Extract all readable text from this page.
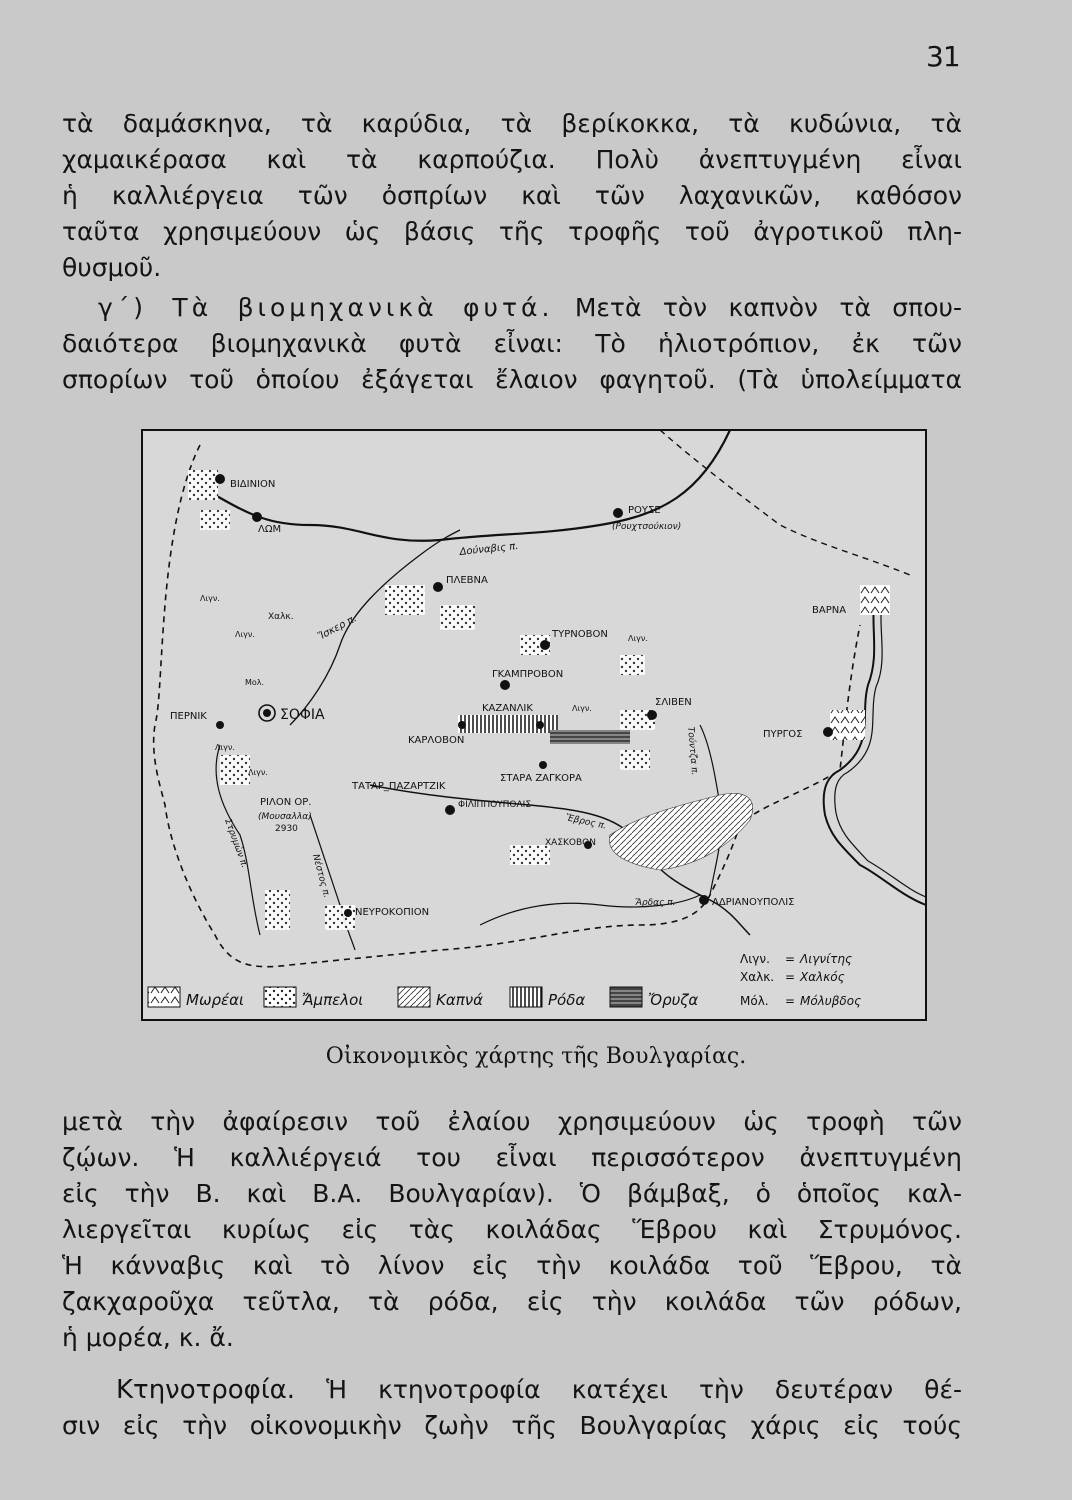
31
τὰ δαμάσκηνα, τὰ καρύδια, τὰ βερίκοκκα, τὰ κυδώνια, τὰ
χαμαικέρασα καὶ τὰ καρπούζια. Πολὺ ἀνεπτυγμένη εἶναι
ἡ καλλιέργεια τῶν ὀσπρίων καὶ τῶν λαχανικῶν, καθόσον
ταῦτα χρησιμεύουν ὡς βάσις τῆς τροφῆς τοῦ ἀγροτικοῦ πλη-
θυσμοῦ.
γ΄) Τὰ βιομηχανικὰ φυτά. Μετὰ τὸν καπνὸν τὰ σπου-
δαιότερα βιομηχανικὰ φυτὰ εἶναι: Τὸ ἡλιοτρόπιον, ἐκ τῶν
σπορίων τοῦ ὁποίου ἐξάγεται ἔλαιον φαγητοῦ. (Τὰ ὑπολείμματα
ΒΙΔΙΝΙΟΝ
ΛΩΜ
ΡΟΥΣΕ
(Ρουχτσούκιον)
ΠΛΕΒΝΑ
ΒΑΡΝΑ
ΤΥΡΝΟΒΟΝ	Λιγν.
ΓΚΑΜΠΡΟΒΟΝ
ΚΑΖΑΝΛΙΚ	Λιγν.
ΣΛΙΒΕΝ
ΠΥΡΓΟΣ
ΣΟΦΙΑ
ΠΕΡΝΙΚ
ΚΑΡΛΟΒΟΝ
ΣΤΑΡΑ ΖΑΓΚΟΡΑ
ΤΑΤΑΡ_ΠΑΖΑΡΤΖΙΚ
ΦΙΛΙΠΠΟΥΠΟΛΙΣ
ΧΑΣΚΟΒΟΝ
ΑΔΡΙΑΝΟΥΠΟΛΙΣ
ΝΕΥΡΟΚΟΠΙΟΝ
ΡΙΛΟΝ ΟΡ.
(Μουσαλλα)
2930
Δούναβις π.
Ἴσκερ π.
Ἕβρος π.
Στρυμὼν π.
Νέστος π.
Τούντζα π.
Ἄρδας π.
Λιγν.
Χαλκ.
Λιγν.
Μολ.
Λιγν.
Λιγν.
Λιγν. = Λιγνίτης
Χαλκ. = Χαλκός
Μόλ. = Μόλυβδος
Μωρέαι	Ἄμπελοι	Καπνά	Ρόδα	Ὄρυζα
Οἰκονομικὸς χάρτης τῆς Βουλγαρίας.
μετὰ τὴν ἀφαίρεσιν τοῦ ἐλαίου χρησιμεύουν ὡς τροφὴ τῶν
ζῴων. Ἡ καλλιέργειά του εἶναι περισσότερον ἀνεπτυγμένη
εἰς τὴν Β. καὶ Β.Α. Βουλγαρίαν). Ὁ βάμβαξ, ὁ ὁποῖος καλ-
λιεργεῖται κυρίως εἰς τὰς κοιλάδας Ἕβρου καὶ Στρυμόνος.
Ἡ κάνναβις καὶ τὸ λίνον εἰς τὴν κοιλάδα τοῦ Ἕβρου, τὰ
ζακχαροῦχα τεῦτλα, τὰ ρόδα, εἰς τὴν κοιλάδα τῶν ρόδων,
ἡ μορέα, κ. ἄ.
Κτηνοτροφία. Ἡ κτηνοτροφία κατέχει τὴν δευτέραν θέ-
σιν εἰς τὴν οἰκονομικὴν ζωὴν τῆς Βουλγαρίας χάρις εἰς τούς
